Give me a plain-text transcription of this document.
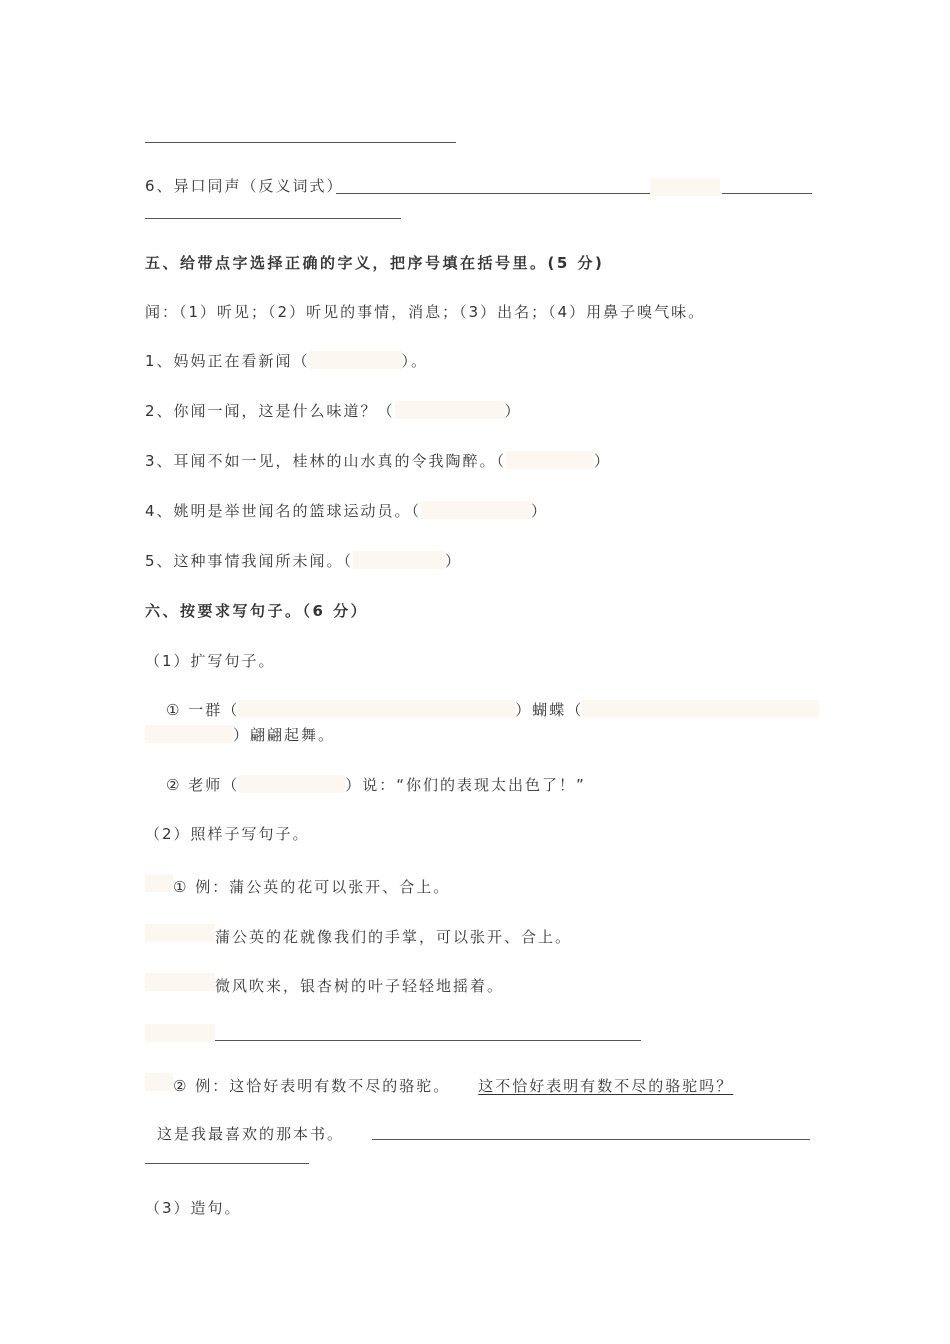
6、异口同声（反义词式）
五、给带点字选择正确的字义，把序号填在括号里。(5 分)
闻：（1）听见；（2）听见的事情，消息；（3）出名；（4）用鼻子嗅气味。
1、妈妈正在看新闻（	）。
2、你闻一闻，这是什么味道？（	）
3、耳闻不如一见，桂林的山水真的令我陶醉。（	）
4、姚明是举世闻名的篮球运动员。（	）
5、这种事情我闻所未闻。（	）
六、按要求写句子。（6 分）
（1）扩写句子。
① 一群（	）蝴蝶（
）翩翩起舞。
② 老师（	）说：“你们的表现太出色了！”
（2）照样子写句子。
① 例：蒲公英的花可以张开、合上。
蒲公英的花就像我们的手掌，可以张开、合上。
微风吹来，银杏树的叶子轻轻地摇着。
② 例：这恰好表明有数不尽的骆驼。 这不恰好表明有数不尽的骆驼吗？
这是我最喜欢的那本书。
（3）造句。
